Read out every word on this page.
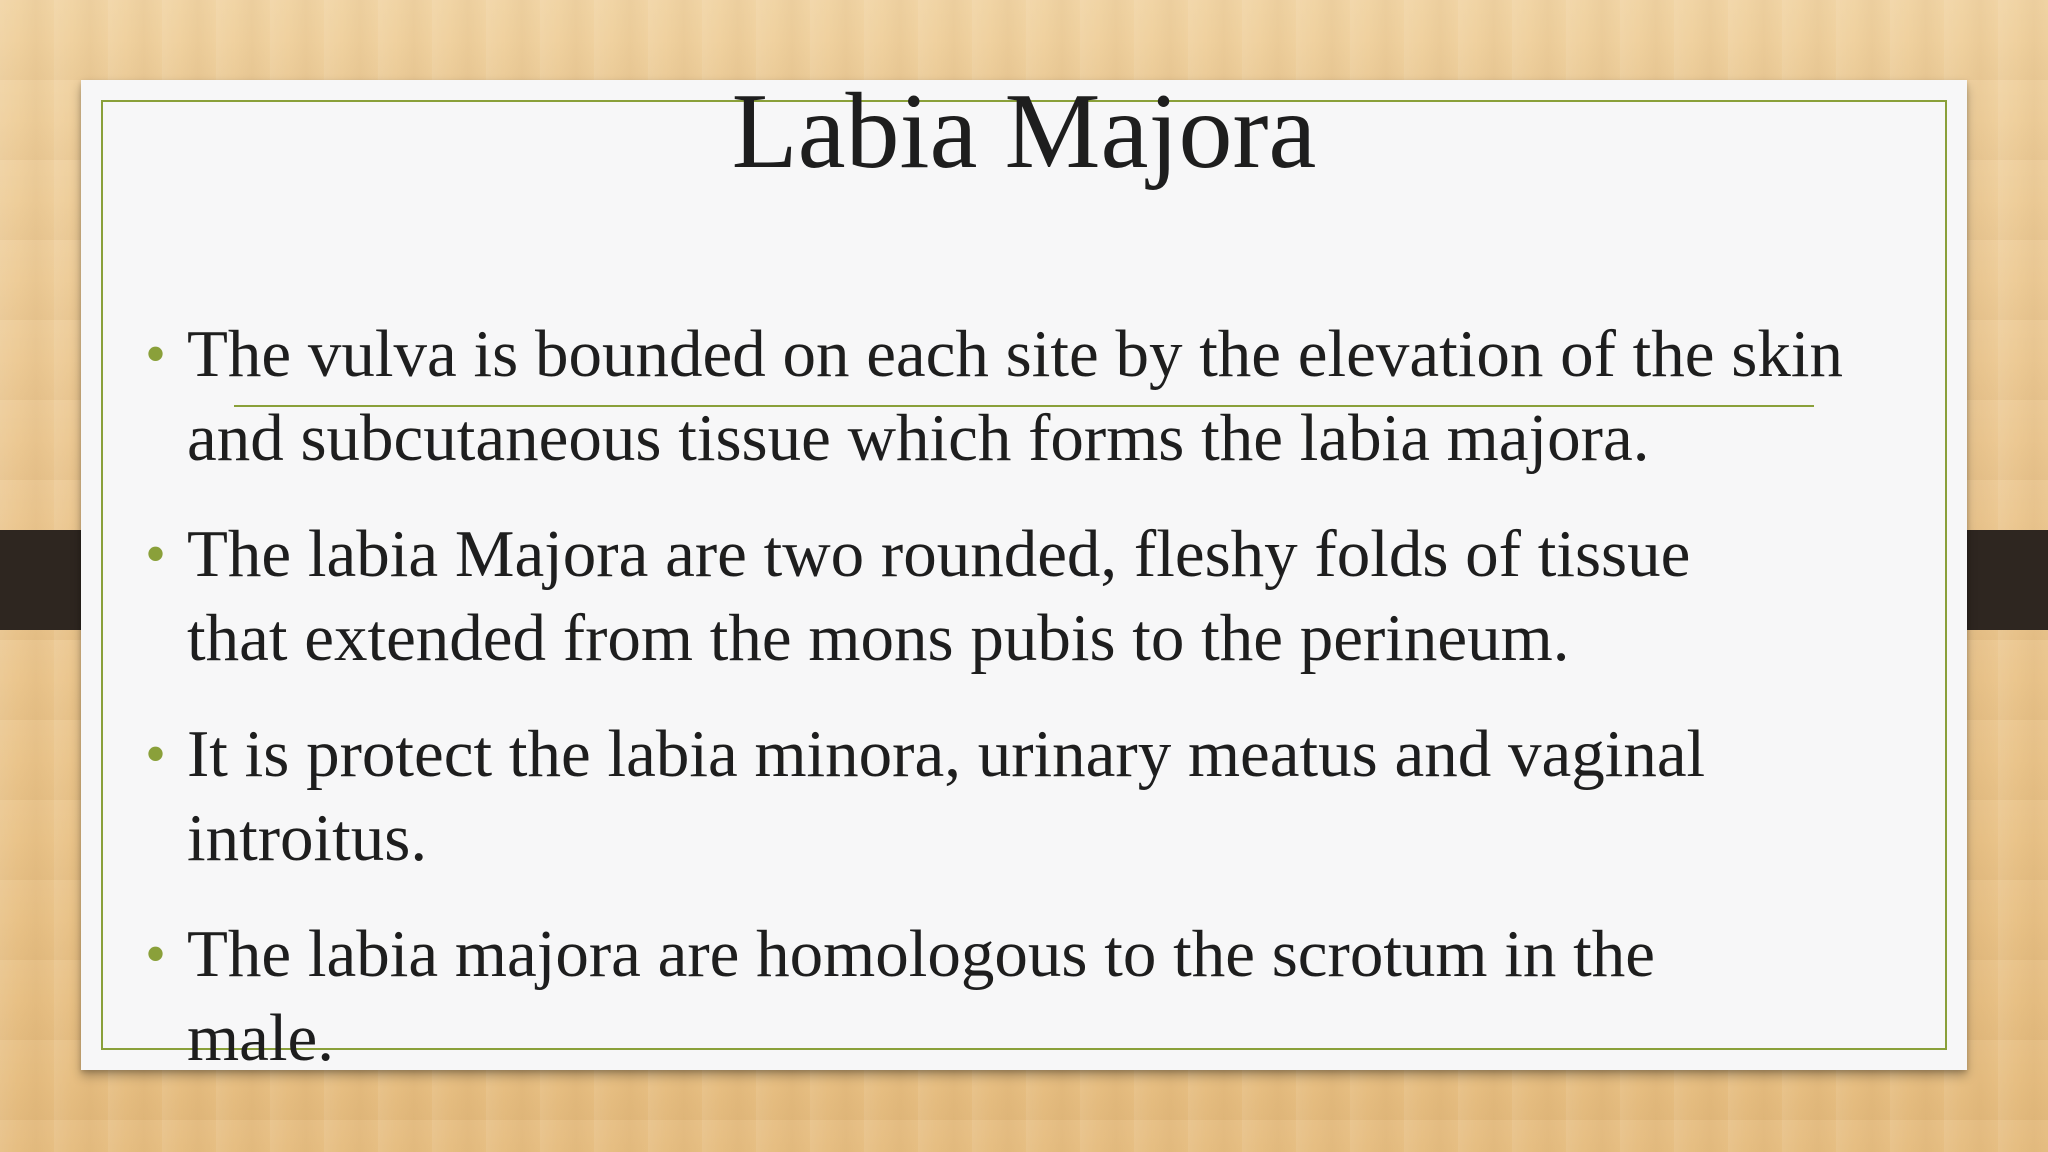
Labia Majora
• The vulva is bounded on each site by the elevation of the skin and subcutaneous tissue which forms the labia majora.
• The labia Majora are two rounded, fleshy folds of tissue that extended from the mons pubis to the perineum.
• It is protect the labia minora, urinary meatus and vaginal introitus.
• The labia majora are homologous to the scrotum in the male.
